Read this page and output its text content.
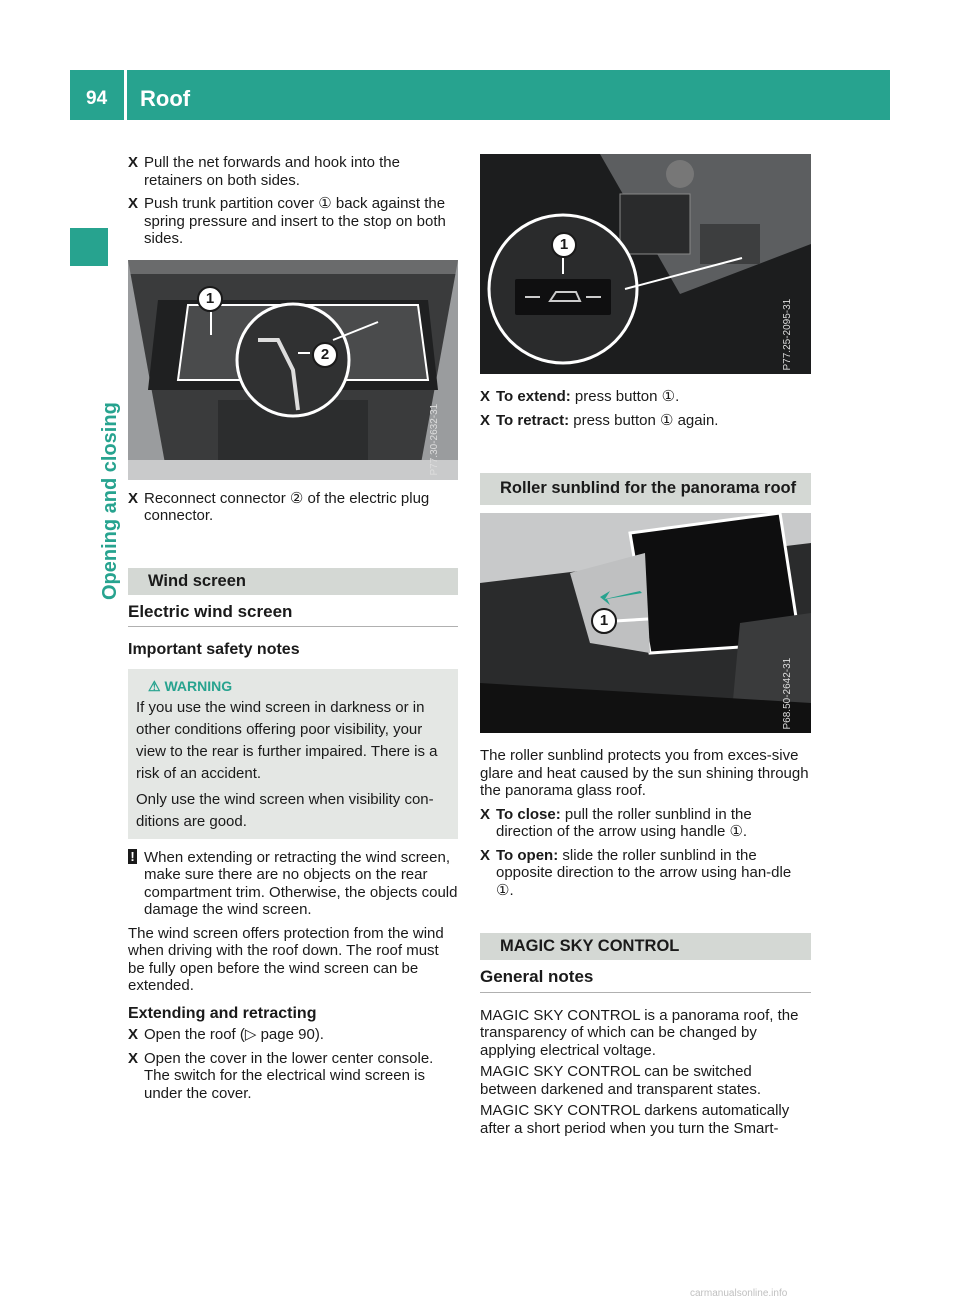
94 Roof
Opening and closing
X Pull the net forwards and hook into the retainers on both sides.
X Push trunk partition cover ① back against the spring pressure and insert to the stop on both sides.
1
2
P77.30-2632-31
X Reconnect connector ② of the electric plug connector.
Wind screen
Electric wind screen
Important safety notes
⚠ WARNING

If you use the wind screen in darkness or in other conditions offering poor visibility, your view to the rear is further impaired. There is a risk of an accident.

Only use the wind screen when visibility con-ditions are good.

! When extending or retracting the wind screen, make sure there are no objects on the rear compartment trim. Otherwise, the objects could damage the wind screen.

The wind screen offers protection from the wind when driving with the roof down. The roof must be fully open before the wind screen can be extended.

Extending and retracting
X Open the roof (▷ page 90).
X Open the cover in the lower center console. The switch for the electrical wind screen is under the cover.
1
P77.25-2095-31
X To extend: press button ①.
X To retract: press button ① again.
Roller sunblind for the panorama roof
1
P68.50-2642-31

The roller sunblind protects you from exces-sive glare and heat caused by the sun shining through the panorama glass roof.

X To close: pull the roller sunblind in the direction of the arrow using handle ①.
X To open: slide the roller sunblind in the opposite direction to the arrow using han-dle ①.
MAGIC SKY CONTROL
General notes

MAGIC SKY CONTROL is a panorama roof, the transparency of which can be changed by applying electrical voltage.

MAGIC SKY CONTROL can be switched between darkened and transparent states.

MAGIC SKY CONTROL darkens automatically after a short period when you turn the Smart-

carmanualsonline.info
